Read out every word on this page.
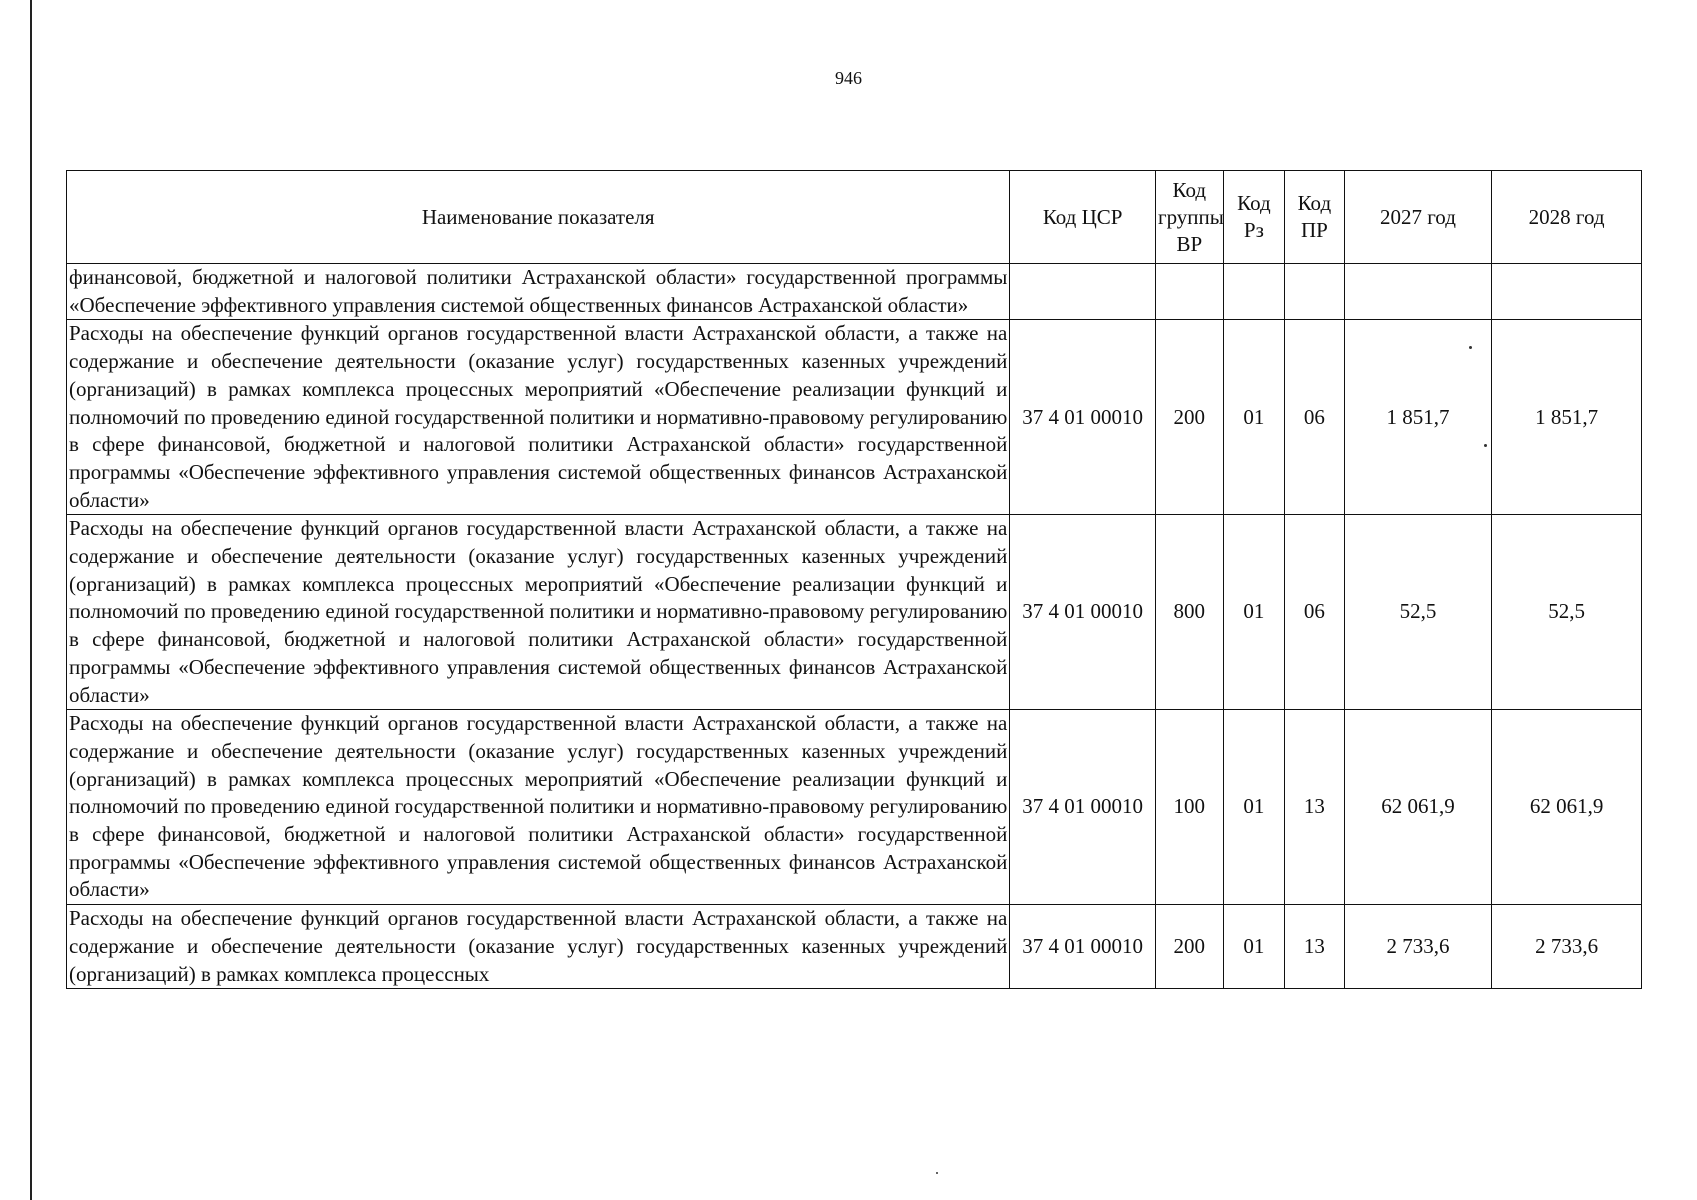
946
Наименование показателя	Код ЦСР	Код группы ВР	Код Рз	Код ПР	2027 год	2028 год
финансовой, бюджетной и налоговой политики Астраханской области» государственной программы «Обеспечение эффективного управления системой общественных финансов Астраханской области»						
Расходы на обеспечение функций органов государственной власти Астраханской области, а также на содержание и обеспечение деятельности (оказание услуг) государственных казенных учреждений (организаций) в рамках комплекса процессных мероприятий «Обеспечение реализации функций и полномочий по проведению единой государственной политики и нормативно-правовому регулированию в сфере финансовой, бюджетной и налоговой политики Астраханской области» государственной программы «Обеспечение эффективного управления системой общественных финансов Астраханской области»	37 4 01 00010	200	01	06	1 851,7	1 851,7
Расходы на обеспечение функций органов государственной власти Астраханской области, а также на содержание и обеспечение деятельности (оказание услуг) государственных казенных учреждений (организаций) в рамках комплекса процессных мероприятий «Обеспечение реализации функций и полномочий по проведению единой государственной политики и нормативно-правовому регулированию в сфере финансовой, бюджетной и налоговой политики Астраханской области» государственной программы «Обеспечение эффективного управления системой общественных финансов Астраханской области»	37 4 01 00010	800	01	06	52,5	52,5
Расходы на обеспечение функций органов государственной власти Астраханской области, а также на содержание и обеспечение деятельности (оказание услуг) государственных казенных учреждений (организаций) в рамках комплекса процессных мероприятий «Обеспечение реализации функций и полномочий по проведению единой государственной политики и нормативно-правовому регулированию в сфере финансовой, бюджетной и налоговой политики Астраханской области» государственной программы «Обеспечение эффективного управления системой общественных финансов Астраханской области»	37 4 01 00010	100	01	13	62 061,9	62 061,9
Расходы на обеспечение функций органов государственной власти Астраханской области, а также на содержание и обеспечение деятельности (оказание услуг) государственных казенных учреждений (организаций) в рамках комплекса процессных	37 4 01 00010	200	01	13	2 733,6	2 733,6
